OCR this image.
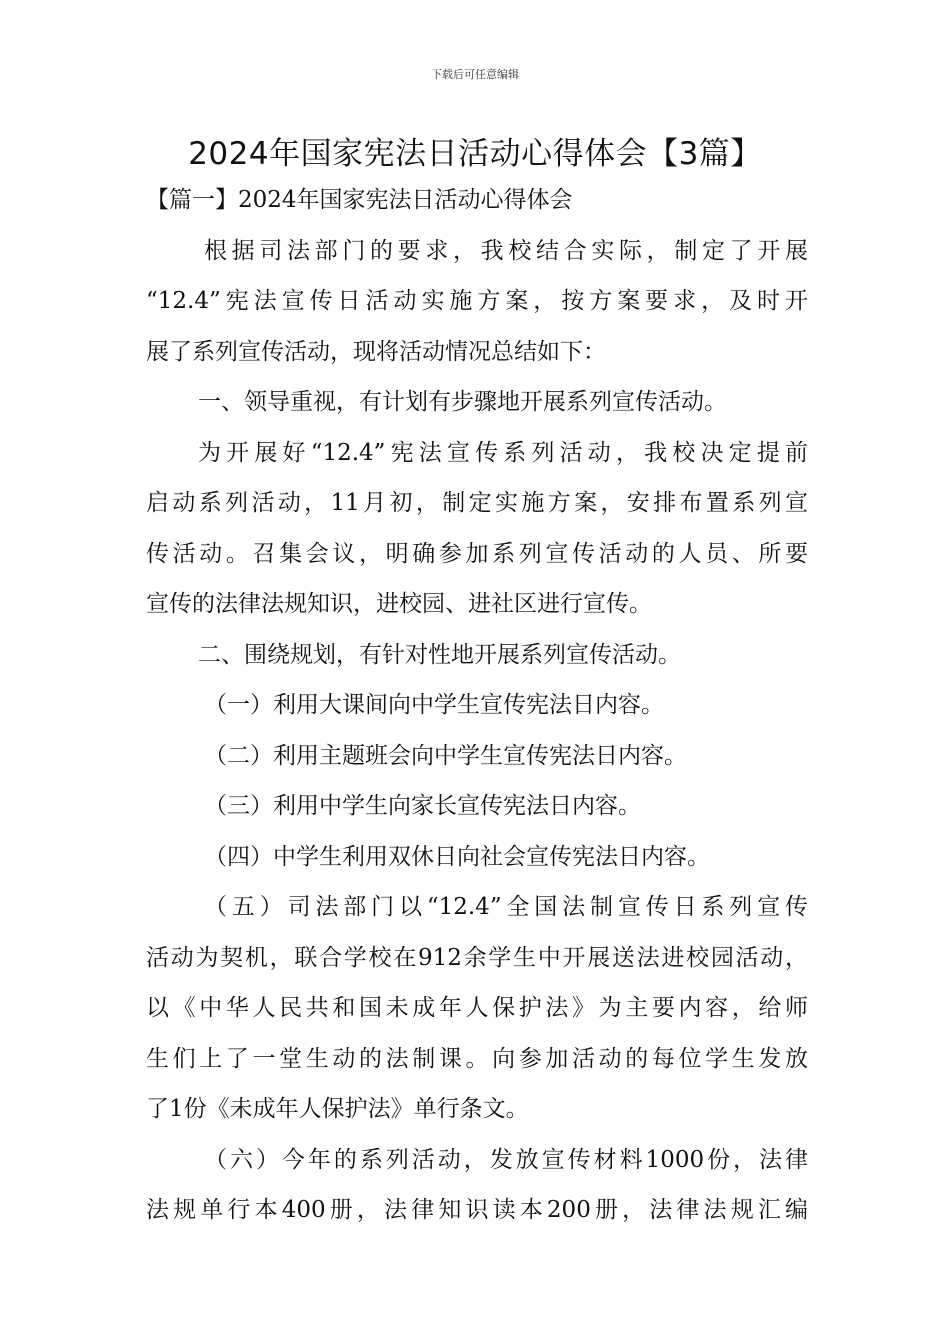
下载后可任意编辑
2024年国家宪法日活动心得体会【3篇】
【篇一】2024年国家宪法日活动心得体会
根据司法部门的要求，我校结合实际，制定了开展
“12.4”宪法宣传日活动实施方案，按方案要求，及时开
展了系列宣传活动，现将活动情况总结如下：
一、领导重视，有计划有步骤地开展系列宣传活动。
为开展好“12.4”宪法宣传系列活动，我校决定提前
启动系列活动，11月初，制定实施方案，安排布置系列宣
传活动。召集会议，明确参加系列宣传活动的人员、所要
宣传的法律法规知识，进校园、进社区进行宣传。
二、围绕规划，有针对性地开展系列宣传活动。
（一）利用大课间向中学生宣传宪法日内容。
（二）利用主题班会向中学生宣传宪法日内容。
（三）利用中学生向家长宣传宪法日内容。
（四）中学生利用双休日向社会宣传宪法日内容。
（五）司法部门以“12.4”全国法制宣传日系列宣传
活动为契机，联合学校在912余学生中开展送法进校园活动，
以《中华人民共和国未成年人保护法》为主要内容，给师
生们上了一堂生动的法制课。向参加活动的每位学生发放
了1份《未成年人保护法》单行条文。
（六）今年的系列活动，发放宣传材料1000份，法律
法规单行本400册，法律知识读本200册，法律法规汇编
